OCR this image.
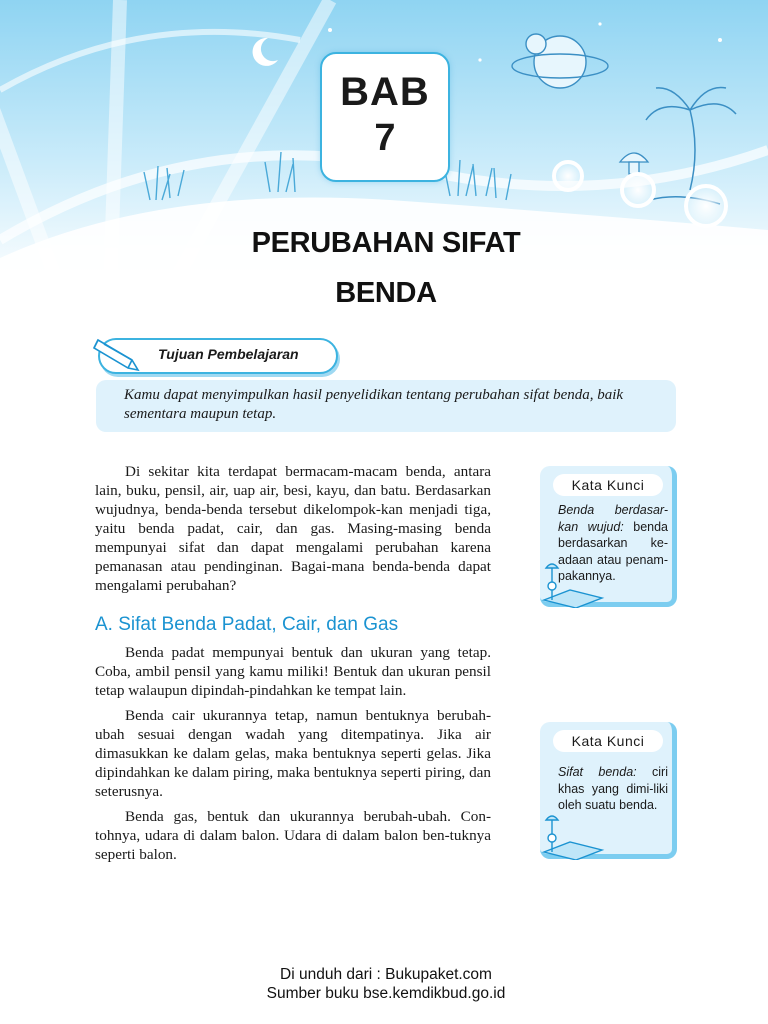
BAB
7
PERUBAHAN SIFAT
BENDA
Tujuan Pembelajaran

Kamu dapat menyimpulkan hasil penyelidikan tentang perubahan sifat benda, baik sementara maupun tetap.

Di sekitar kita terdapat bermacam-macam benda, antara lain, buku, pensil, air, uap air, besi, kayu, dan batu. Berdasarkan wujudnya, benda-benda tersebut dikelompok-kan menjadi tiga, yaitu benda padat, cair, dan gas. Masing-masing benda mempunyai sifat dan dapat mengalami perubahan karena pemanasan atau pendinginan. Bagai-mana benda-benda dapat mengalami perubahan?

A. Sifat Benda Padat, Cair, dan Gas

Benda padat mempunyai bentuk dan ukuran yang tetap. Coba, ambil pensil yang kamu miliki! Bentuk dan ukuran pensil tetap walaupun dipindah-pindahkan ke tempat lain.

Benda cair ukurannya tetap, namun bentuknya berubah-ubah sesuai dengan wadah yang ditempatinya. Jika air dimasukkan ke dalam gelas, maka bentuknya seperti gelas. Jika dipindahkan ke dalam piring, maka bentuknya seperti piring, dan seterusnya.

Benda gas, bentuk dan ukurannya berubah-ubah. Con-tohnya, udara di dalam balon. Udara di dalam balon ben-tuknya seperti balon.

Kata Kunci
Benda berdasar-kan wujud: benda berdasarkan ke-adaan atau penam-pakannya.
Kata Kunci
Sifat benda: ciri khas yang dimi-liki oleh suatu benda.
Di unduh dari : Bukupaket.com
Sumber buku bse.kemdikbud.go.id
